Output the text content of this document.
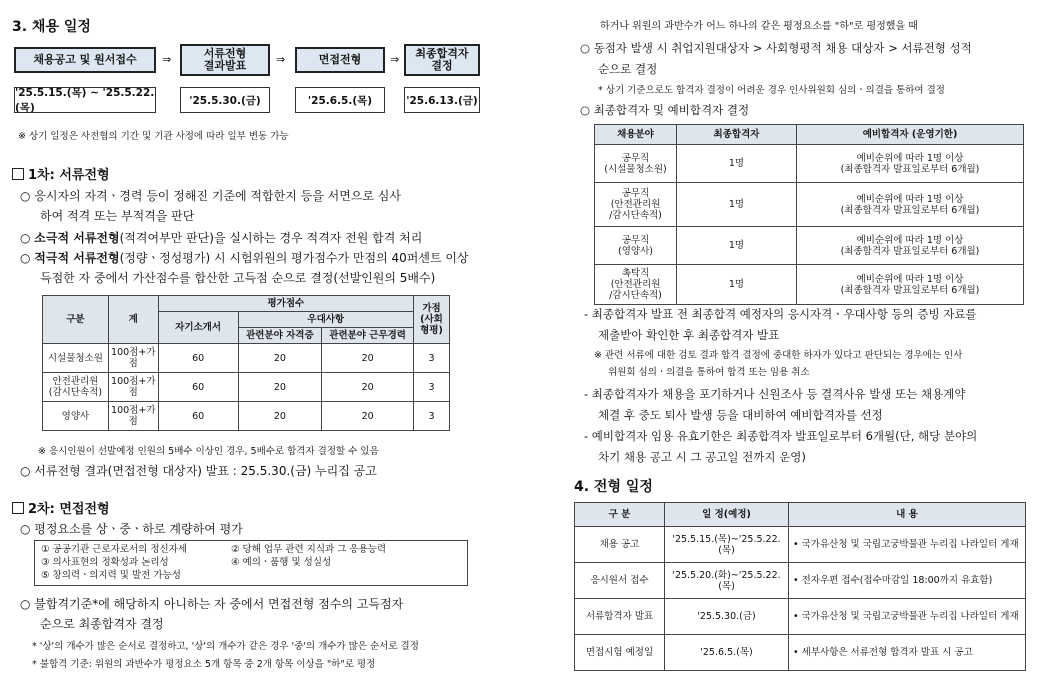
3. 채용 일정
채용공고 및 원서접수 ⇒	서류전형
결과발표	⇒	면접전형	⇒ 최종합격자
결정
'25.5.15.(목) ~ '25.5.22.(목)
'25.5.30.(금)	'25.6.5.(목)	'25.6.13.(금)
※ 상기 일정은 사전협의 기간 및 기관 사정에 따라 일부 변동 가능
1차: 서류전형
○ 응시자의 자격ㆍ경력 등이 정해진 기준에 적합한지 등을 서면으로 심사
하여 적격 또는 부적격을 판단
○ 소극적 서류전형(적격여부만 판단)을 실시하는 경우 적격자 전원 합격 처리
○ 적극적 서류전형(정량ㆍ정성평가) 시 시험위원의 평가점수가 만점의 40퍼센트 이상
득점한 자 중에서 가산점수를 합산한 고득점 순으로 결정(선발인원의 5배수)
구분	계	평가점수			가점
(사회
형평)
		자기소개서	우대사항		
			관련분야 자격증	관련분야 근무경력	
시설물청소원	100점+가점	60	20	20	3
안전관리원
(감시단속적)	100점+가점	60	20	20	3
영양사	100점+가점	60	20	20	3
※ 응시인원이 선발예정 인원의 5배수 이상인 경우, 5배수로 합격자 결정할 수 있음
○ 서류전형 결과(면접전형 대상자) 발표 : 25.5.30.(금) 누리집 공고
2차: 면접전형
○ 평정요소를 상ㆍ중ㆍ하로 계량하여 평가
① 공공기관 근로자로서의 정신자세	② 당해 업무 관련 지식과 그 응용능력
③ 의사표현의 정확성과 논리성	④ 예의ㆍ품행 및 성실성
⑤ 창의력ㆍ의지력 및 발전 가능성
○ 불합격기준*에 해당하지 아니하는 자 중에서 면접전형 점수의 고득점자
순으로 최종합격자 결정
* '상'의 개수가 많은 순서로 결정하고, '상'의 개수가 같은 경우 '중'의 개수가 많은 순서로 결정
* 불합격 기준: 위원의 과반수가 평정요소 5개 항목 중 2개 항목 이상을 "하"로 평정
하거나 위원의 과반수가 어느 하나의 같은 평정요소를 "하"로 평정했을 때
○ 동점자 발생 시 취업지원대상자 > 사회형평적 채용 대상자 > 서류전형 성적
순으로 결정
* 상기 기준으로도 합격자 결정이 어려운 경우 인사위원회 심의ㆍ의결을 통하여 결정
○ 최종합격자 및 예비합격자 결정
채용분야	최종합격자	예비합격자 (운영기한)
공무직
(시설물청소원)	1명	예비순위에 따라 1명 이상
(최종합격자 발표일로부터 6개월)
공무직
(안전관리원
/감시단속적)	1명	예비순위에 따라 1명 이상
(최종합격자 발표일로부터 6개월)
공무직
(영양사)	1명	예비순위에 따라 1명 이상
(최종합격자 발표일로부터 6개월)
촉탁직
(안전관리원
/감시단속적)	1명	예비순위에 따라 1명 이상
(최종합격자 발표일로부터 6개월)
- 최종합격자 발표 전 최종합격 예정자의 응시자격ㆍ우대사항 등의 증빙 자료를
제출받아 확인한 후 최종합격자 발표
※ 관련 서류에 대한 검토 결과 합격 결정에 중대한 하자가 있다고 판단되는 경우에는 인사
위원회 심의ㆍ의결을 통하여 합격 또는 임용 취소
- 최종합격자가 채용을 포기하거나 신원조사 등 결격사유 발생 또는 채용계약
체결 후 중도 퇴사 발생 등을 대비하여 예비합격자를 선정
- 예비합격자 임용 유효기한은 최종합격자 발표일로부터 6개월(단, 해당 분야의
차기 채용 공고 시 그 공고일 전까지 운영)
4. 전형 일정
구 분	일 정(예정)	내 용
채용 공고	'25.5.15.(목)~'25.5.22.(목)	• 국가유산청 및 국립고궁박물관 누리집 나라일터 게재
응시원서 접수	'25.5.20.(화)~'25.5.22.(목)	• 전자우편 접수(접수마감일 18:00까지 유효함)
서류합격자 발표	'25.5.30.(금)	• 국가유산청 및 국립고궁박물관 누리집 나라일터 게재
면접시험 예정일	'25.6.5.(목)	• 세부사항은 서류전형 합격자 발표 시 공고
